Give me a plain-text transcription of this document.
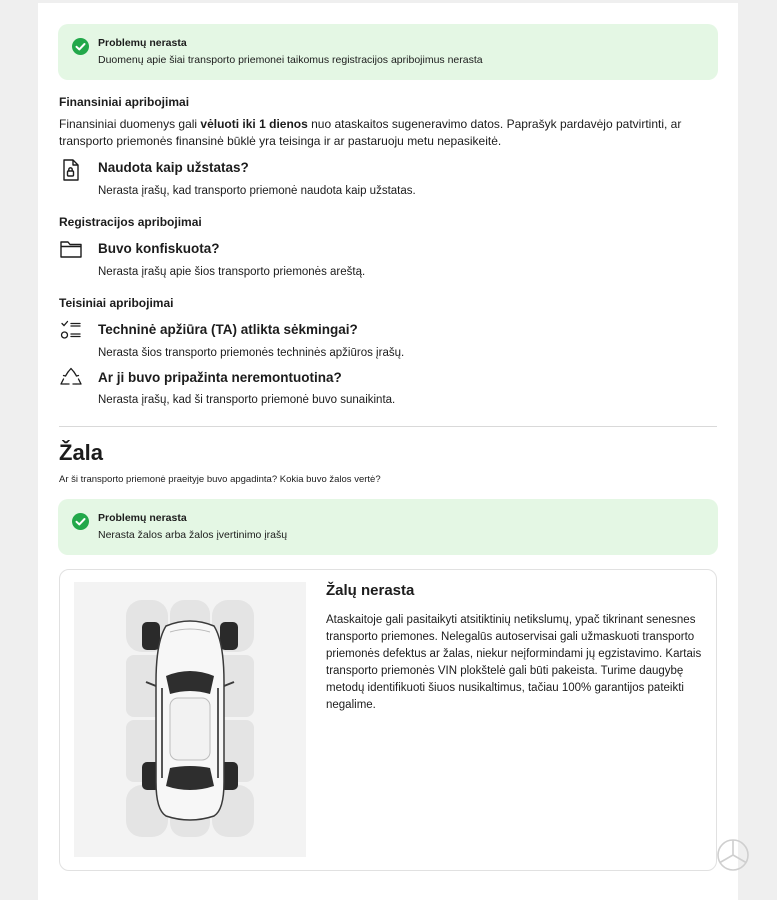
Problemų nerasta
Duomenų apie šiai transporto priemonei taikomus registracijos apribojimus nerasta
Finansiniai apribojimai
Finansiniai duomenys gali vėluoti iki 1 dienos nuo ataskaitos sugeneravimo datos. Paprašyk pardavėjo patvirtinti, ar
transporto priemonės finansinė būklė yra teisinga ir ar pastaruoju metu nepasikeitė.
Naudota kaip užstatas?
Nerasta įrašų, kad transporto priemonė naudota kaip užstatas.
Registracijos apribojimai
Buvo konfiskuota?
Nerasta įrašų apie šios transporto priemonės areštą.
Teisiniai apribojimai
Techninė apžiūra (TA) atlikta sėkmingai?
Nerasta šios transporto priemonės techninės apžiūros įrašų.
Ar ji buvo pripažinta neremontuotina?
Nerasta įrašų, kad ši transporto priemonė buvo sunaikinta.
Žala
Ar ši transporto priemonė praeityje buvo apgadinta? Kokia buvo žalos vertė?
Problemų nerasta
Nerasta žalos arba žalos įvertinimo įrašų
Žalų nerasta
Ataskaitoje gali pasitaikyti atsitiktinių netikslumų, ypač tikrinant senesnes transporto priemones. Nelegalūs autoservisai gali užmaskuoti transporto priemonės defektus ar žalas, niekur neįformindami jų egzistavimo. Kartais transporto priemonės VIN plokštelė gali būti pakeista. Turime daugybę metodų identifikuoti šiuos nusikaltimus, tačiau 100% garantijos pateikti negalime.
